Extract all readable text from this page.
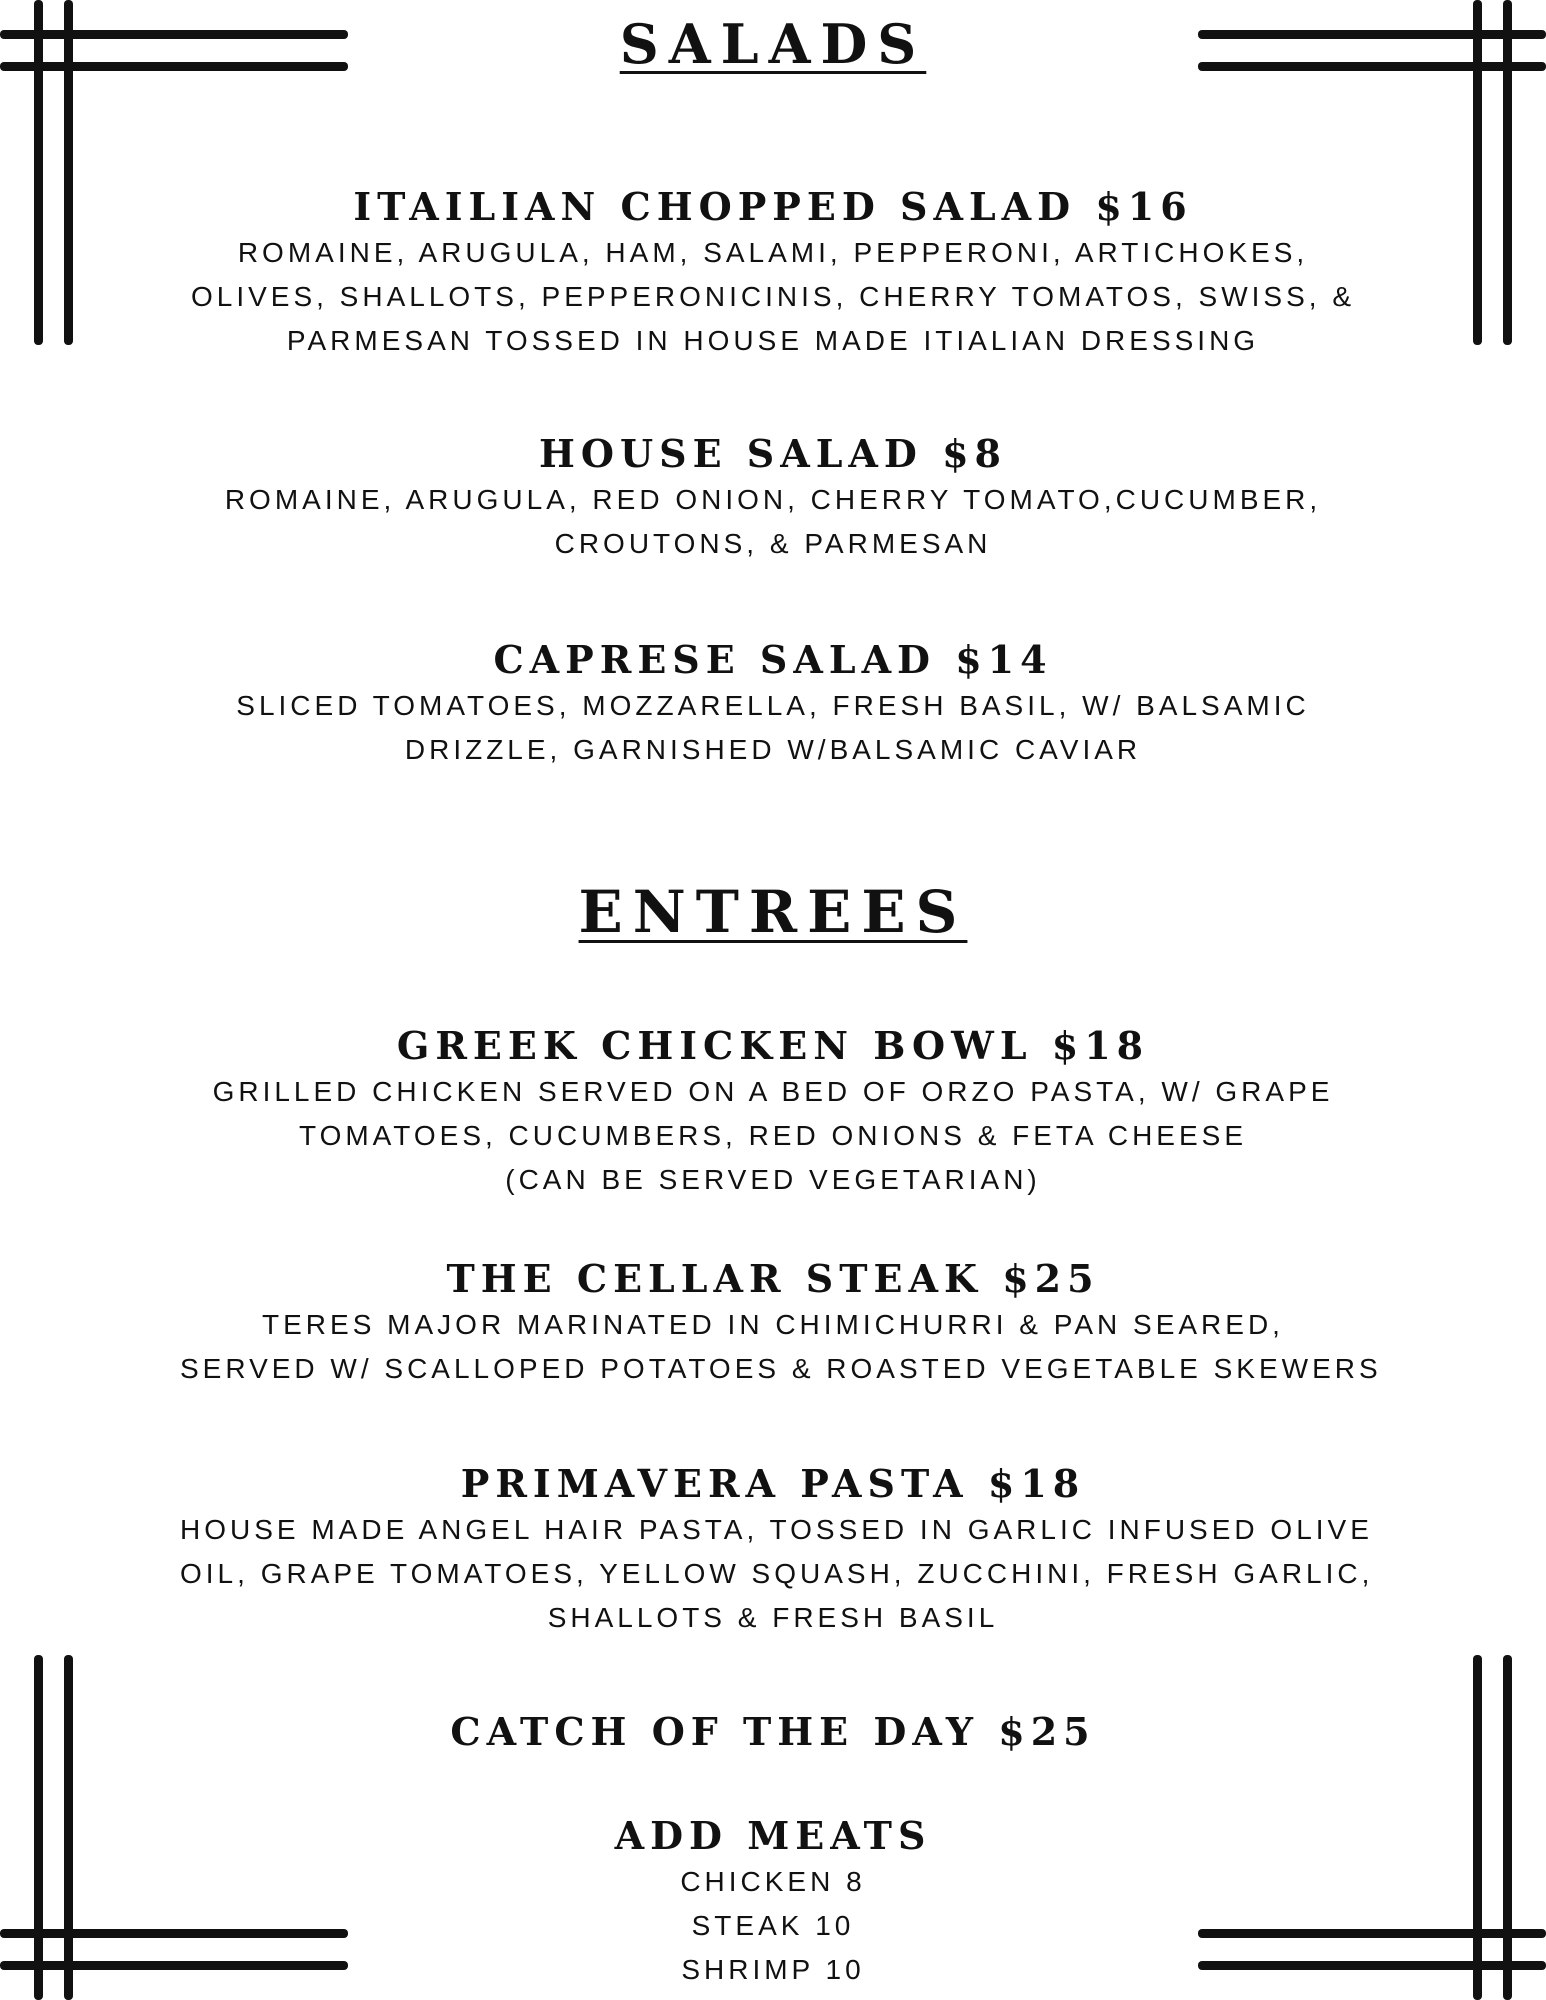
SALADS
ITAILIAN CHOPPED SALAD $16
ROMAINE, ARUGULA, HAM, SALAMI, PEPPERONI, ARTICHOKES,
OLIVES, SHALLOTS, PEPPERONICINIS, CHERRY TOMATOS, SWISS, &
PARMESAN TOSSED IN HOUSE MADE ITIALIAN DRESSING
HOUSE SALAD $8
ROMAINE, ARUGULA, RED ONION, CHERRY TOMATO,CUCUMBER,
CROUTONS, & PARMESAN
CAPRESE SALAD $14
SLICED TOMATOES, MOZZARELLA, FRESH BASIL, W/ BALSAMIC
DRIZZLE, GARNISHED W/BALSAMIC CAVIAR
ENTREES
GREEK CHICKEN BOWL $18
GRILLED CHICKEN SERVED ON A BED OF ORZO PASTA, W/ GRAPE
TOMATOES, CUCUMBERS, RED ONIONS & FETA CHEESE
(CAN BE SERVED VEGETARIAN)
THE CELLAR STEAK $25
TERES MAJOR MARINATED IN CHIMICHURRI & PAN SEARED,
SERVED W/ SCALLOPED POTATOES & ROASTED VEGETABLE SKEWERS
PRIMAVERA PASTA $18
HOUSE MADE ANGEL HAIR PASTA, TOSSED IN GARLIC INFUSED OLIVE
OIL, GRAPE TOMATOES, YELLOW SQUASH, ZUCCHINI, FRESH GARLIC,
SHALLOTS & FRESH BASIL
CATCH OF THE DAY $25
ADD MEATS
CHICKEN 8
STEAK 10
SHRIMP 10
